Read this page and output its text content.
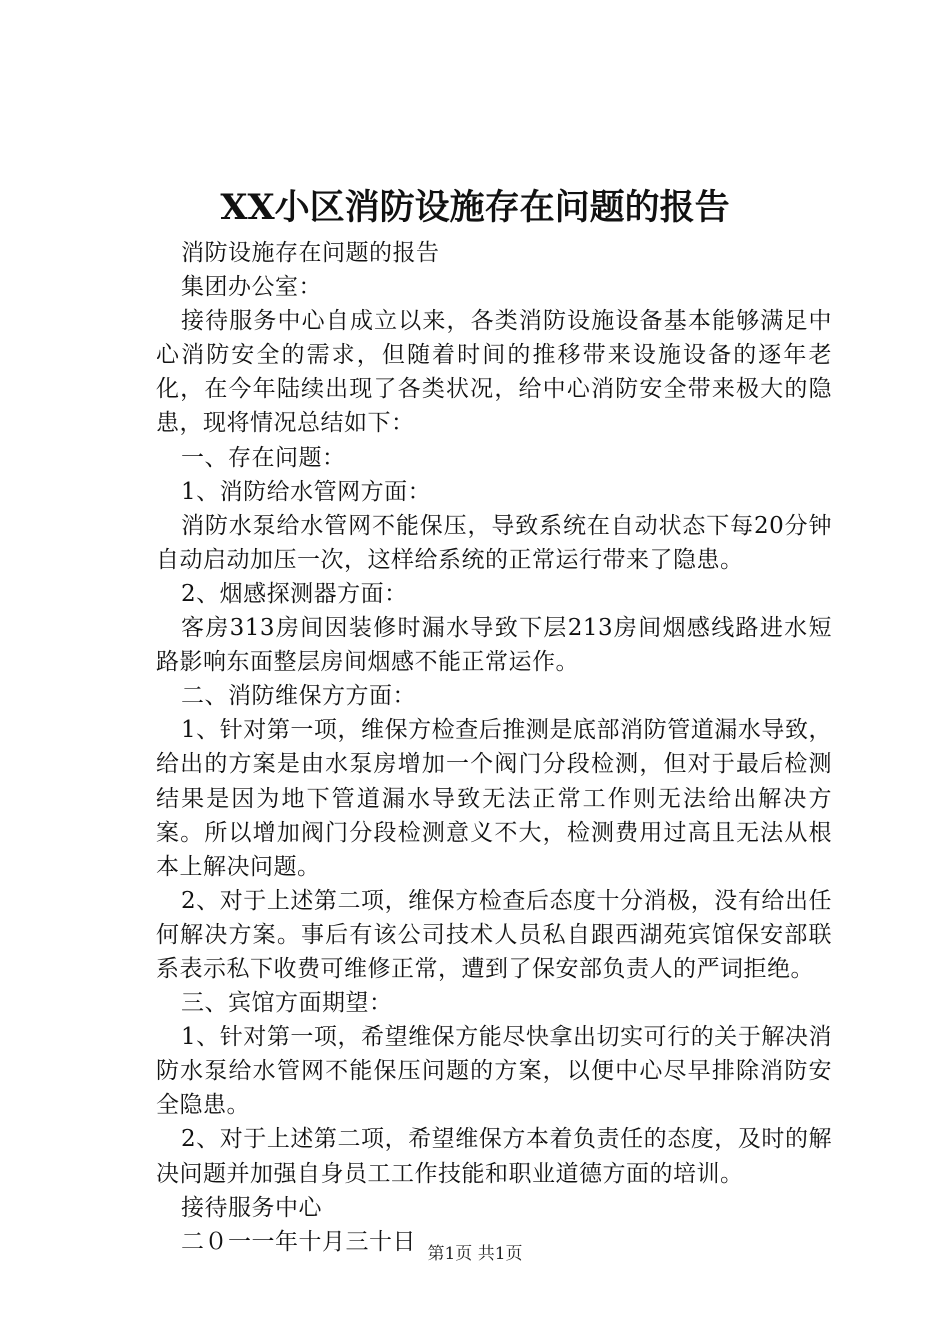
XX小区消防设施存在问题的报告

消防设施存在问题的报告

集团办公室：

接待服务中心自成立以来，各类消防设施设备基本能够满足中心消防安全的需求，但随着时间的推移带来设施设备的逐年老化，在今年陆续出现了各类状况，给中心消防安全带来极大的隐患，现将情况总结如下：

一、存在问题：

1、消防给水管网方面：

消防水泵给水管网不能保压，导致系统在自动状态下每20分钟自动启动加压一次，这样给系统的正常运行带来了隐患。

2、烟感探测器方面：

客房313房间因装修时漏水导致下层213房间烟感线路进水短路影响东面整层房间烟感不能正常运作。

二、消防维保方方面：

1、针对第一项，维保方检查后推测是底部消防管道漏水导致，给出的方案是由水泵房增加一个阀门分段检测，但对于最后检测结果是因为地下管道漏水导致无法正常工作则无法给出解决方案。所以增加阀门分段检测意义不大，检测费用过高且无法从根本上解决问题。

2、对于上述第二项，维保方检查后态度十分消极，没有给出任何解决方案。事后有该公司技术人员私自跟西湖苑宾馆保安部联系表示私下收费可维修正常，遭到了保安部负责人的严词拒绝。

三、宾馆方面期望：

1、针对第一项，希望维保方能尽快拿出切实可行的关于解决消防水泵给水管网不能保压问题的方案，以便中心尽早排除消防安全隐患。

2、对于上述第二项，希望维保方本着负责任的态度，及时的解决问题并加强自身员工工作技能和职业道德方面的培训。

接待服务中心

二０一一年十月三十日 第1页 共1页
